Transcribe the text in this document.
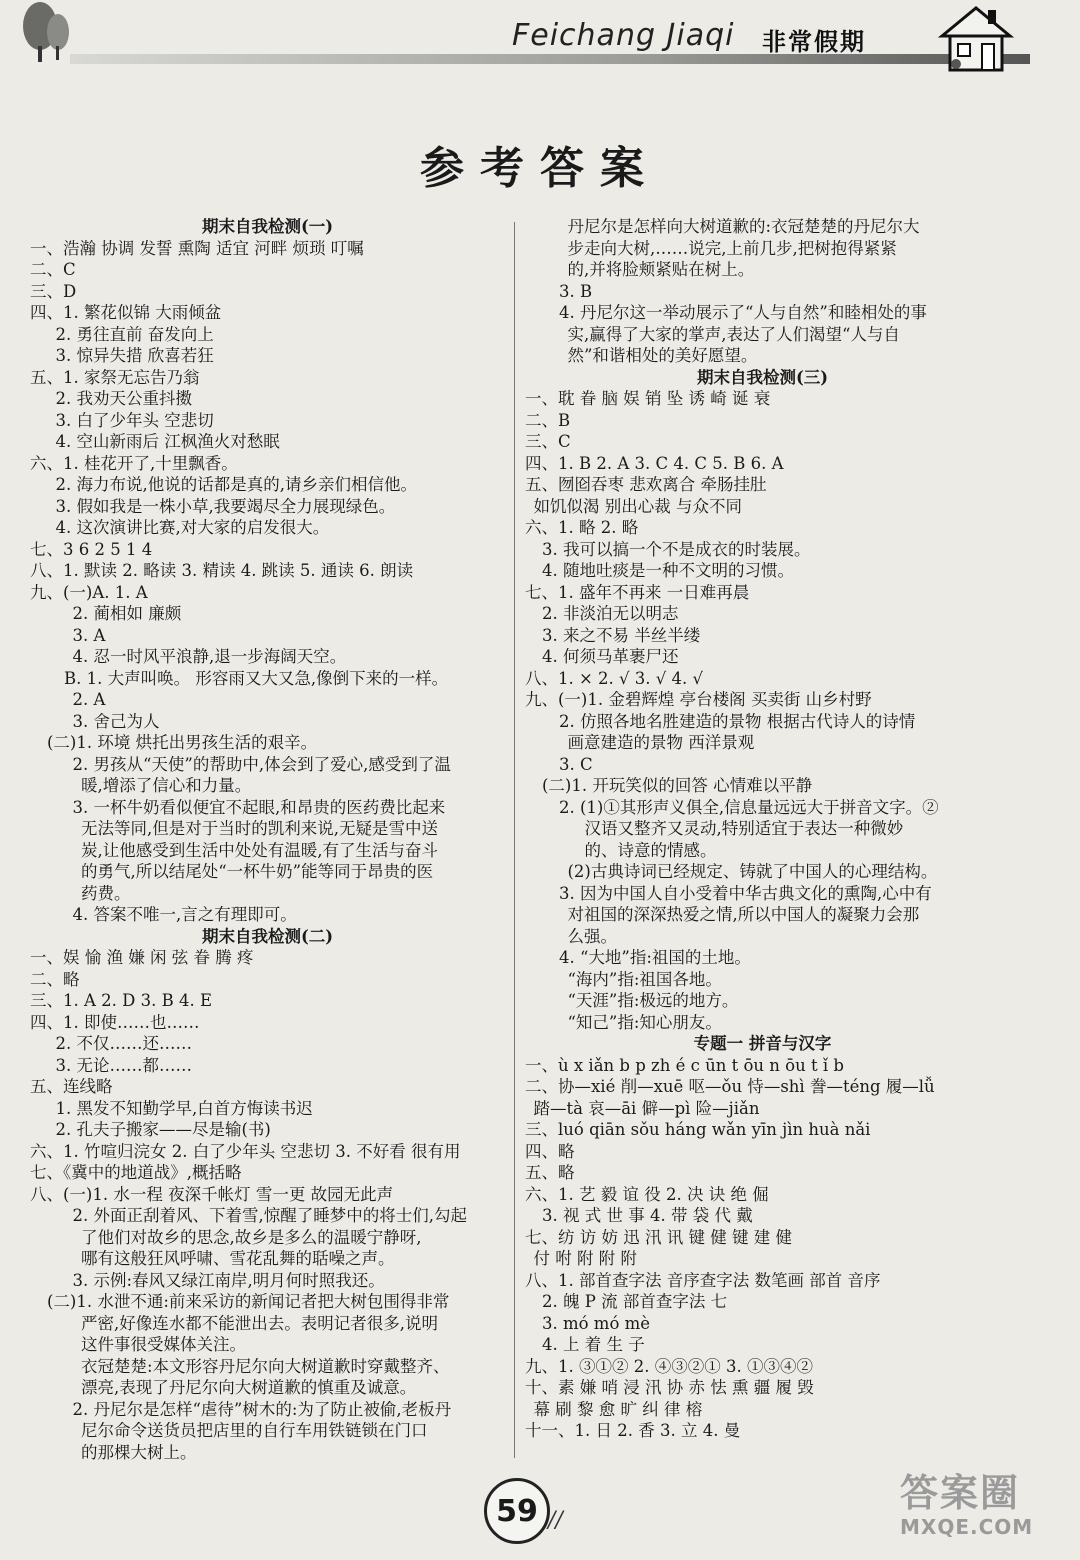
Feichang Jiaqi 非常假期
参考答案
期末自我检测(一)
一、浩瀚 协调 发誓 熏陶 适宜 河畔 烦琐 叮嘱
二、C
三、D
四、1. 繁花似锦 大雨倾盆
2. 勇往直前 奋发向上
3. 惊异失措 欣喜若狂
五、1. 家祭无忘告乃翁
2. 我劝天公重抖擞
3. 白了少年头 空悲切
4. 空山新雨后 江枫渔火对愁眠
六、1. 桂花开了,十里飘香。
2. 海力布说,他说的话都是真的,请乡亲们相信他。
3. 假如我是一株小草,我要竭尽全力展现绿色。
4. 这次演讲比赛,对大家的启发很大。
七、3 6 2 5 1 4
八、1. 默读 2. 略读 3. 精读 4. 跳读 5. 通读 6. 朗读
九、(一)A. 1. A
2. 蔺相如 廉颇
3. A
4. 忍一时风平浪静,退一步海阔天空。
B. 1. 大声叫唤。 形容雨又大又急,像倒下来的一样。
2. A
3. 舍己为人
(二)1. 环境 烘托出男孩生活的艰辛。
2. 男孩从“天使”的帮助中,体会到了爱心,感受到了温
暖,增添了信心和力量。
3. 一杯牛奶看似便宜不起眼,和昂贵的医药费比起来
无法等同,但是对于当时的凯利来说,无疑是雪中送
炭,让他感受到生活中处处有温暖,有了生活与奋斗
的勇气,所以结尾处“一杯牛奶”能等同于昂贵的医
药费。
4. 答案不唯一,言之有理即可。
期末自我检测(二)
一、娱 愉 渔 嫌 闲 弦 眷 腾 疼
二、略
三、1. A 2. D 3. B 4. E
四、1. 即使……也……
2. 不仅……还……
3. 无论……都……
五、连线略
1. 黑发不知勤学早,白首方悔读书迟
2. 孔夫子搬家——尽是输(书)
六、1. 竹喧归浣女 2. 白了少年头 空悲切 3. 不好看 很有用
七、《冀中的地道战》,概括略
八、(一)1. 水一程 夜深千帐灯 雪一更 故园无此声
2. 外面正刮着风、下着雪,惊醒了睡梦中的将士们,勾起
了他们对故乡的思念,故乡是多么的温暖宁静呀,
哪有这般狂风呼啸、雪花乱舞的聒噪之声。
3. 示例:春风又绿江南岸,明月何时照我还。
(二)1. 水泄不通:前来采访的新闻记者把大树包围得非常
严密,好像连水都不能泄出去。表明记者很多,说明
这件事很受媒体关注。
衣冠楚楚:本文形容丹尼尔向大树道歉时穿戴整齐、
漂亮,表现了丹尼尔向大树道歉的慎重及诚意。
2. 丹尼尔是怎样“虐待”树木的:为了防止被偷,老板丹
尼尔命令送货员把店里的自行车用铁链锁在门口
的那棵大树上。
丹尼尔是怎样向大树道歉的:衣冠楚楚的丹尼尔大
步走向大树,……说完,上前几步,把树抱得紧紧
的,并将脸颊紧贴在树上。
3. B
4. 丹尼尔这一举动展示了“人与自然”和睦相处的事
实,赢得了大家的掌声,表达了人们渴望“人与自
然”和谐相处的美好愿望。
期末自我检测(三)
一、耽 眷 脑 娱 销 坠 诱 崎 诞 衰
二、B
三、C
四、1. B 2. A 3. C 4. C 5. B 6. A
五、囫囵吞枣 悲欢离合 牵肠挂肚
如饥似渴 别出心裁 与众不同
六、1. 略 2. 略
3. 我可以搞一个不是成衣的时装展。
4. 随地吐痰是一种不文明的习惯。
七、1. 盛年不再来 一日难再晨
2. 非淡泊无以明志
3. 来之不易 半丝半缕
4. 何须马革裹尸还
八、1. × 2. √ 3. √ 4. √
九、(一)1. 金碧辉煌 亭台楼阁 买卖街 山乡村野
2. 仿照各地名胜建造的景物 根据古代诗人的诗情
画意建造的景物 西洋景观
3. C
(二)1. 开玩笑似的回答 心情难以平静
2. (1)①其形声义俱全,信息量远远大于拼音文字。②
汉语又整齐又灵动,特别适宜于表达一种微妙
的、诗意的情感。
(2)古典诗词已经规定、铸就了中国人的心理结构。
3. 因为中国人自小受着中华古典文化的熏陶,心中有
对祖国的深深热爱之情,所以中国人的凝聚力会那
么强。
4. “大地”指:祖国的土地。
“海内”指:祖国各地。
“天涯”指:极远的地方。
“知己”指:知心朋友。
专题一 拼音与汉字
一、ù x iǎn b p zh é c ūn t ōu n ōu t ǐ b
二、协—xié 削—xuē 呕—ǒu 恃—shì 誊—téng 履—lǚ
踏—tà 哀—āi 僻—pì 险—jiǎn
三、luó qiān sǒu háng wǎn yīn jìn huà nǎi
四、略
五、略
六、1. 艺 毅 谊 役 2. 决 诀 绝 倔
3. 视 式 世 事 4. 带 袋 代 戴
七、纺 访 妨 迅 汛 讯 键 健 键 建 健
付 咐 附 附 附
八、1. 部首查字法 音序查字法 数笔画 部首 音序
2. 魄 P 流 部首查字法 七
3. mó mó mè
4. 上 着 生 子
九、1. ③①② 2. ④③②① 3. ①③④②
十、素 嫌 哨 浸 汛 协 赤 怯 熏 疆 履 毁
幕 刷 黎 愈 旷 纠 律 榕
十一、1. 日 2. 香 3. 立 4. 曼
59 //
答案圈
MXQE.COM
